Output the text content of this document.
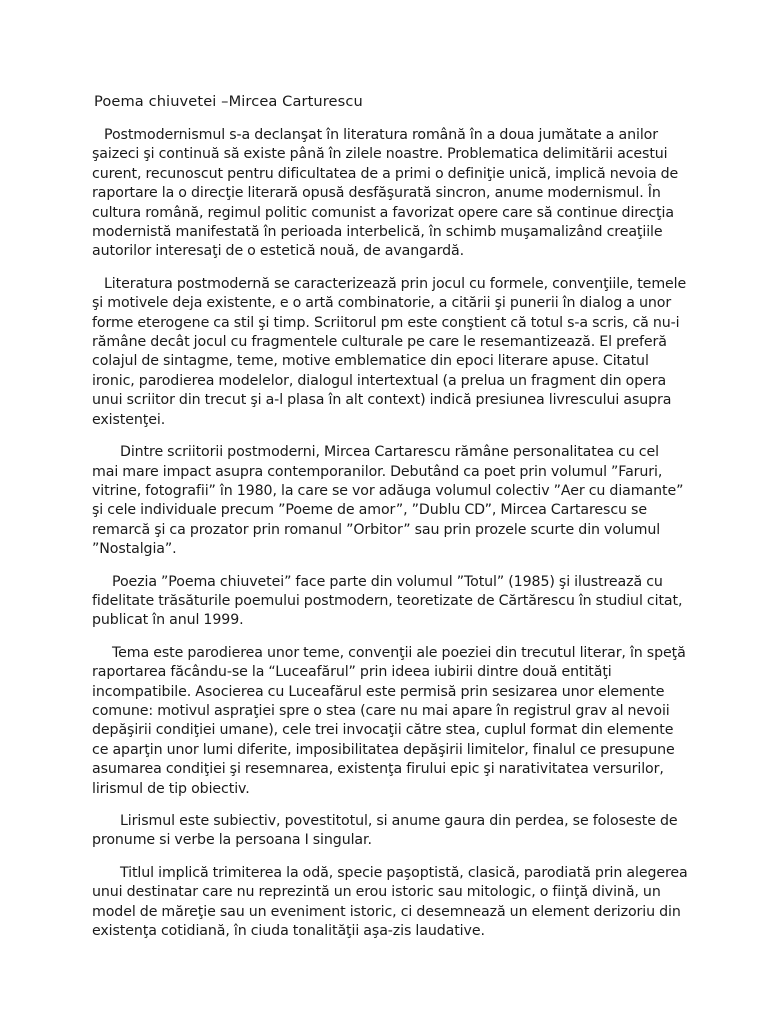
Poema chiuvetei –Mircea Carturescu

Postmodernismul s-a declanşat în literatura română în a doua jumătate a anilor şaizeci şi continuă să existe până în zilele noastre. Problematica delimitării acestui curent, recunoscut pentru dificultatea de a primi o definiţie unică, implică nevoia de raportare la o direcţie literară opusă desfăşurată sincron, anume modernismul. În cultura română, regimul politic comunist a favorizat opere care să continue direcţia modernistă manifestată în perioada interbelică, în schimb muşamalizând creaţiile autorilor interesaţi de o estetică nouă, de avangardă.

Literatura postmodernă se caracterizează prin jocul cu formele, convenţiile, temele şi motivele deja existente, e o artă combinatorie, a citării şi punerii în dialog a unor forme eterogene ca stil şi timp. Scriitorul pm este conştient că totul s-a scris, că nu-i rămâne decât jocul cu fragmentele culturale pe care le resemantizează. El preferă colajul de sintagme, teme, motive emblematice din epoci literare apuse. Citatul ironic, parodierea modelelor, dialogul intertextual (a prelua un fragment din opera unui scriitor din trecut şi a-l plasa în alt context) indică presiunea livrescului asupra existenţei.

Dintre scriitorii postmoderni, Mircea Cartarescu rămâne personalitatea cu cel mai mare impact asupra contemporanilor. Debutând ca poet prin volumul ”Faruri, vitrine, fotografii” în 1980, la care se vor adăuga volumul colectiv ”Aer cu diamante” şi cele individuale precum ”Poeme de amor”, ”Dublu CD”, Mircea Cartarescu se remarcă şi ca prozator prin romanul ”Orbitor” sau prin prozele scurte din volumul ”Nostalgia”.

Poezia ”Poema chiuvetei” face parte din volumul ”Totul” (1985) şi ilustrează cu fidelitate trăsăturile poemului postmodern, teoretizate de Cărtărescu în studiul citat, publicat în anul 1999.

Tema este parodierea unor teme, convenţii ale poeziei din trecutul literar, în speţă raportarea făcându-se la “Luceafărul” prin ideea iubirii dintre două entităţi incompatibile. Asocierea cu Luceafărul este permisă prin sesizarea unor elemente comune: motivul aspraţiei spre o stea (care nu mai apare în registrul grav al nevoii depăşirii condiţiei umane), cele trei invocaţii către stea, cuplul format din elemente ce aparţin unor lumi diferite, imposibilitatea depăşirii limitelor, finalul ce presupune asumarea condiţiei şi resemnarea, existenţa firului epic şi narativitatea versurilor, lirismul de tip obiectiv.

Lirismul este subiectiv, povestitotul, si anume gaura din perdea, se foloseste de pronume si verbe la persoana I singular.

Titlul implică trimiterea la odă, specie paşoptistă, clasică, parodiată prin alegerea unui destinatar care nu reprezintă un erou istoric sau mitologic, o fiinţă divină, un model de măreţie sau un eveniment istoric, ci desemnează un element derizoriu din existenţa cotidiană, în ciuda tonalităţii aşa-zis laudative.
